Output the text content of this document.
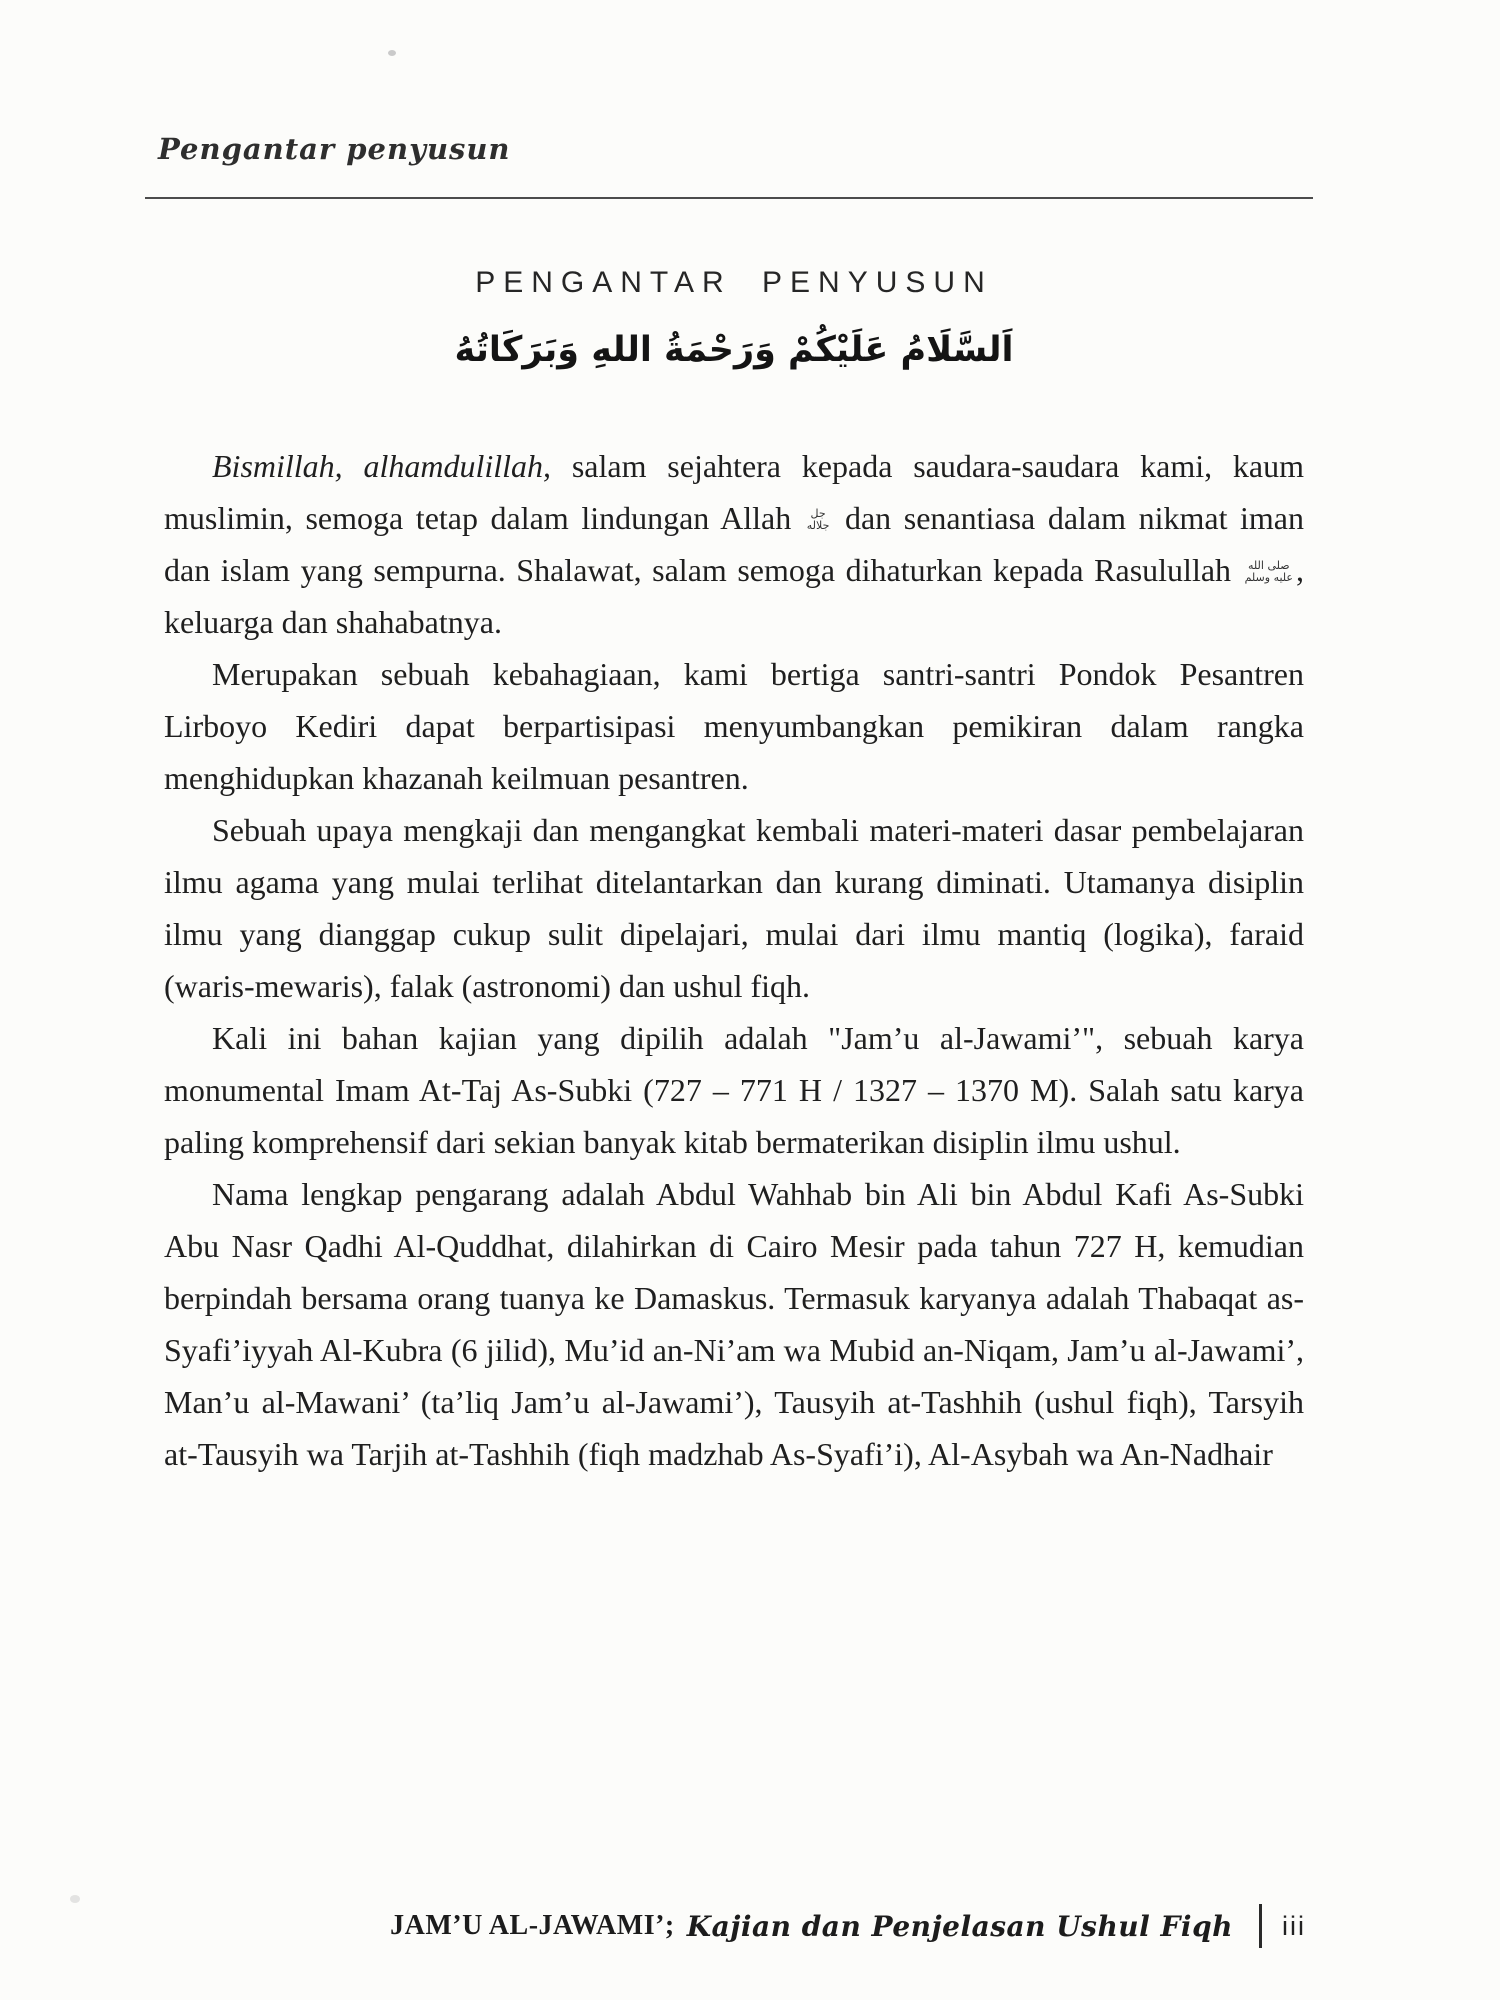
Pengantar penyusun
PENGANTAR PENYUSUN
اَلسَّلَامُ عَلَيْكُمْ وَرَحْمَةُ اللهِ وَبَرَكَاتُهُ

Bismillah, alhamdulillah, salam sejahtera kepada saudara-saudara kami, kaum muslimin, semoga tetap dalam lindungan Allah جل
جلاله dan senantiasa dalam nikmat iman dan islam yang sempurna. Shalawat, salam semoga dihaturkan kepada Rasulullah صلى الله
عليه وسلم , keluarga dan shahabatnya.

Merupakan sebuah kebahagiaan, kami bertiga santri-santri Pondok Pesantren Lirboyo Kediri dapat berpartisipasi menyumbangkan pemikiran dalam rangka menghidupkan khazanah keilmuan pesantren.

Sebuah upaya mengkaji dan mengangkat kembali materi-materi dasar pembelajaran ilmu agama yang mulai terlihat ditelantarkan dan kurang diminati. Utamanya disiplin ilmu yang dianggap cukup sulit dipelajari, mulai dari ilmu mantiq (logika), faraid (waris-mewaris), falak (astronomi) dan ushul fiqh.

Kali ini bahan kajian yang dipilih adalah "Jam’u al-Jawami’", sebuah karya monumental Imam At-Taj As-Subki (727 – 771 H / 1327 – 1370 M). Salah satu karya paling komprehensif dari sekian banyak kitab bermaterikan disiplin ilmu ushul.

Nama lengkap pengarang adalah Abdul Wahhab bin Ali bin Abdul Kafi As-Subki Abu Nasr Qadhi Al-Quddhat, dilahirkan di Cairo Mesir pada tahun 727 H, kemudian berpindah bersama orang tuanya ke Damaskus. Termasuk karyanya adalah Thabaqat as-Syafi’iyyah Al-Kubra (6 jilid), Mu’id an-Ni’am wa Mubid an-Niqam, Jam’u al-Jawami’, Man’u al-Mawani’ (ta’liq Jam’u al-Jawami’), Tausyih at-Tashhih (ushul fiqh), Tarsyih at-Tausyih wa Tarjih at-Tashhih (fiqh madzhab As-Syafi’i), Al-Asybah wa An-Nadhair

JAM’U AL-JAWAMI’; Kajian dan Penjelasan Ushul Fiqh iii
